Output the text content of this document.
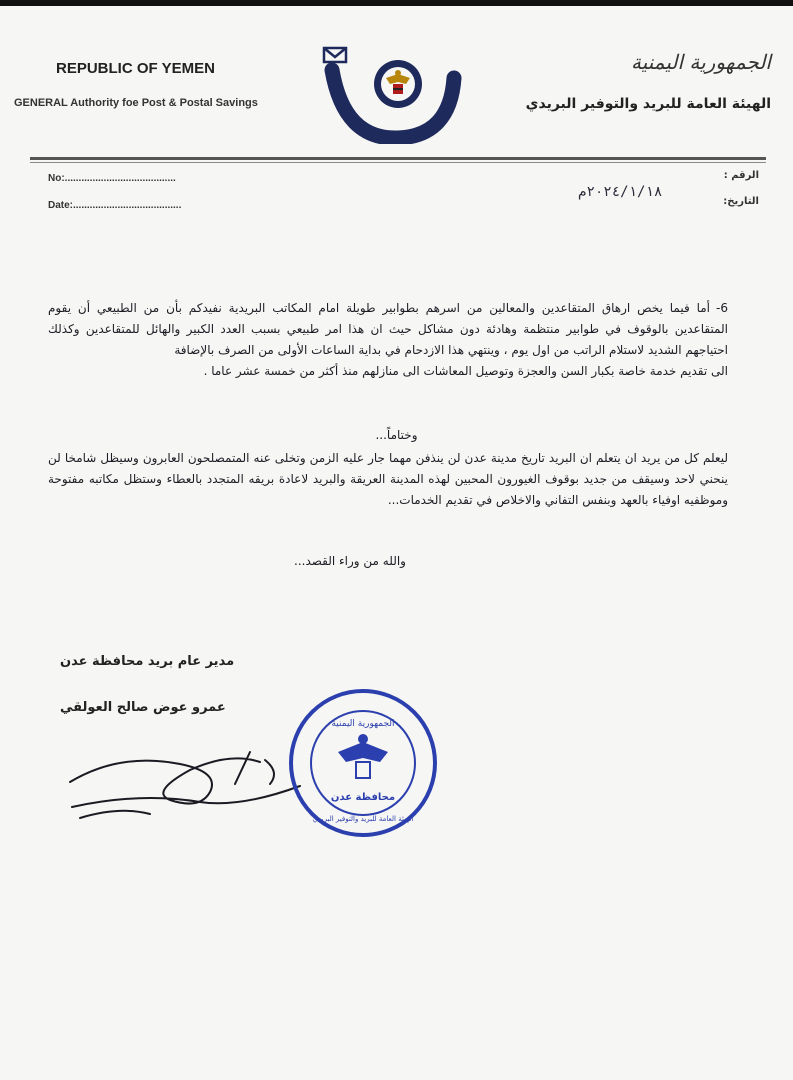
REPUBLIC OF YEMEN

GENERAL Authority foe Post & Postal Savings

الجمهورية اليمنية

الهيئة العامة للبريد والتوفير البريدي

No:........................................
Date:.......................................
الرقم :
التاريخ:
٢٠٢٤/١/١٨م

6-أما فيما يخص ارهاق المتقاعدين والمعالين من اسرهم بطوابير طويلة امام المكاتب البريدية نفيدكم بأن من الطبيعي أن يقوم المتقاعدين بالوقوف في طوابير منتظمة وهادئة دون مشاكل حيث ان هذا امر طبيعي بسبب العدد الكبير والهائل للمتقاعدين وكذلك احتياجهم الشديد لاستلام الراتب من اول يوم ، وينتهي هذا الازدحام في بداية الساعات الأولى من الصرف بالإضافة

الى تقديم خدمة خاصة بكبار السن والعجزة وتوصيل المعاشات الى منازلهم منذ أكثر من خمسة عشر عاما .

وختاماً...
ليعلم كل من يريد ان يتعلم ان البريد تاريخ مدينة عدن لن ينذفن مهما جار عليه الزمن وتخلى عنه المتمصلحون العابرون وسيظل شامخا لن ينحني لاحد وسيقف من جديد بوقوف الغيورون المحبين لهذه المدينة العريقة والبريد لاعادة بريقه المتجدد بالعطاء وستظل مكاتبه مفتوحة وموظفيه اوفياء بالعهد وبنفس التفاني والاخلاص في تقديم الخدمات...
والله من وراء القصد...
مدير عام بريد محافظة عدن
عمرو عوض صالح العولقي
محافظة عدن
الجمهورية اليمنية
الهيئة العامة للبريد والتوفير البريدي
